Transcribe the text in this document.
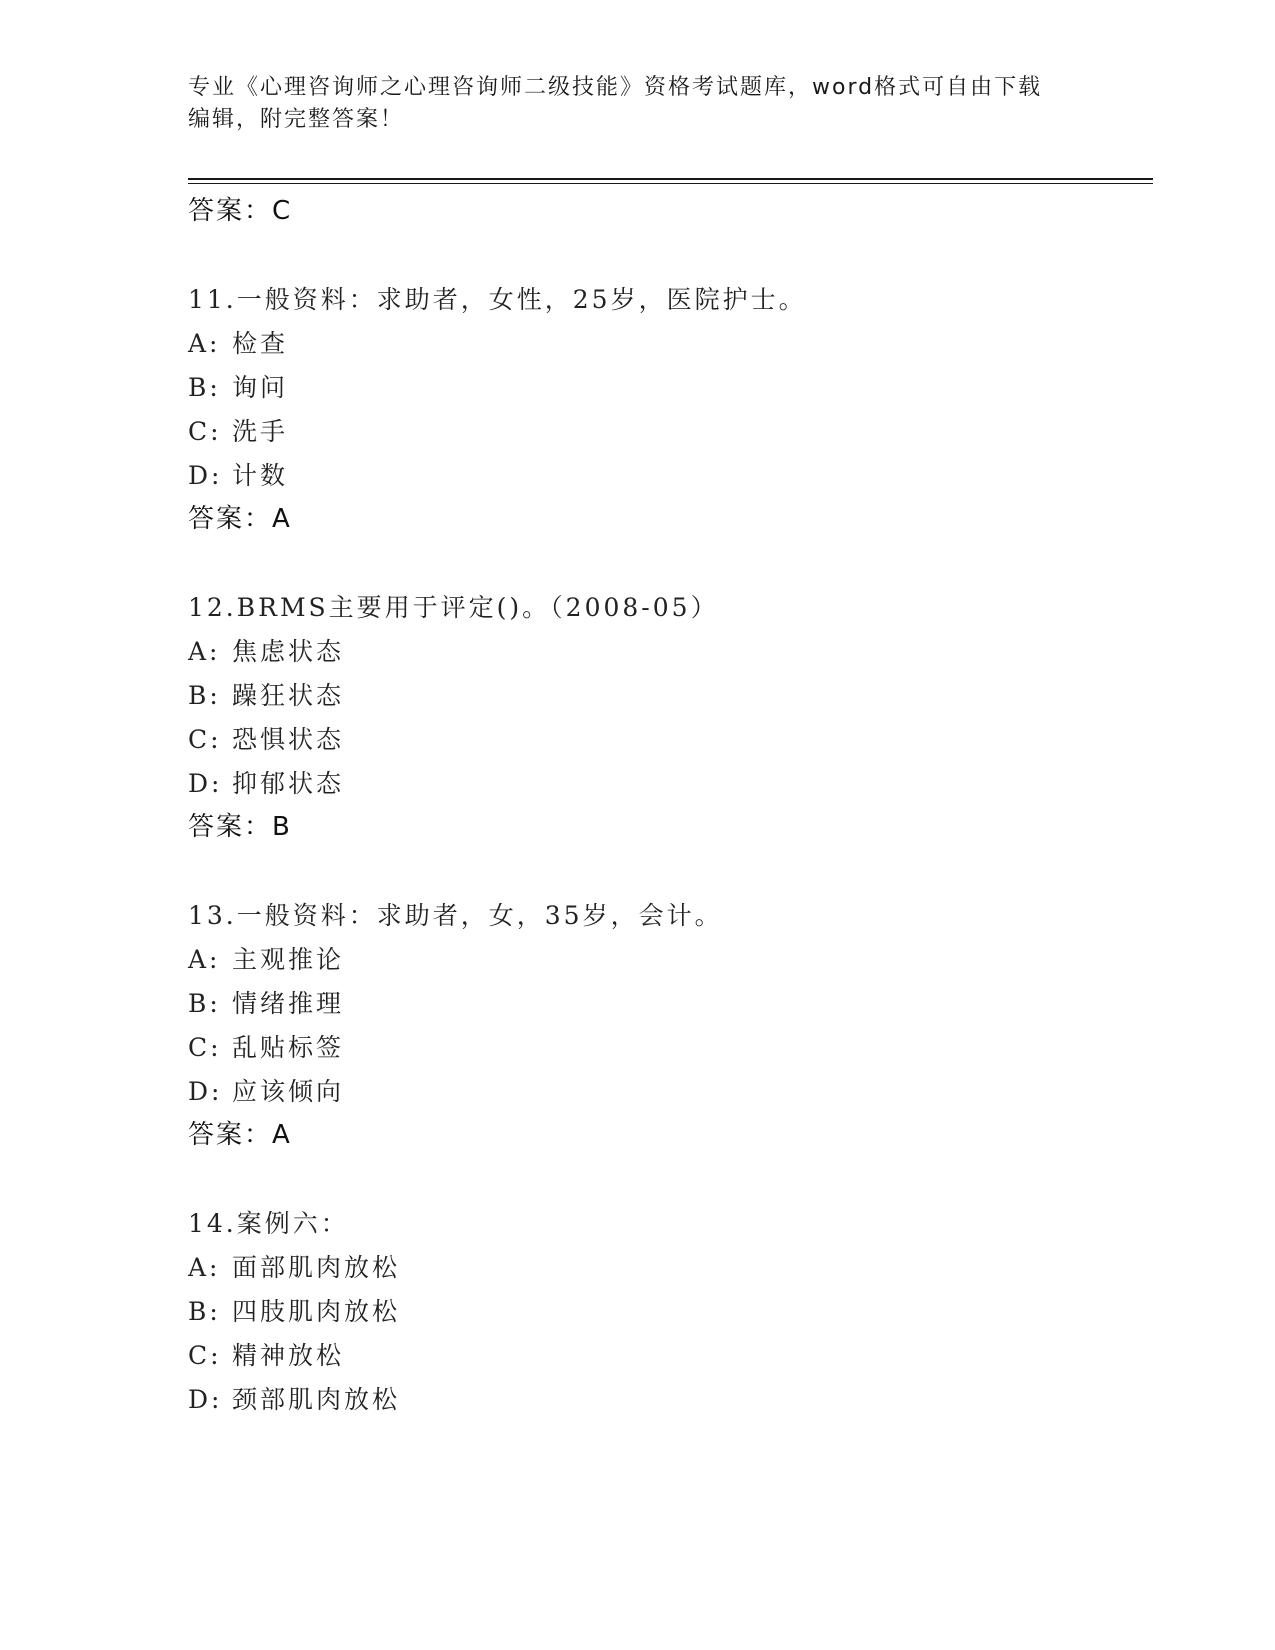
专业《心理咨询师之心理咨询师二级技能》资格考试题库，word格式可自由下载
编辑，附完整答案！
答案：C
11.一般资料：求助者，女性，25岁，医院护士。
A: 检查
B: 询问
C: 洗手
D: 计数
答案：A
12.BRMS主要用于评定()。（2008-05）
A: 焦虑状态
B: 躁狂状态
C: 恐惧状态
D: 抑郁状态
答案：B
13.一般资料：求助者，女，35岁，会计。
A: 主观推论
B: 情绪推理
C: 乱贴标签
D: 应该倾向
答案：A
14.案例六：
A: 面部肌肉放松
B: 四肢肌肉放松
C: 精神放松
D: 颈部肌肉放松
